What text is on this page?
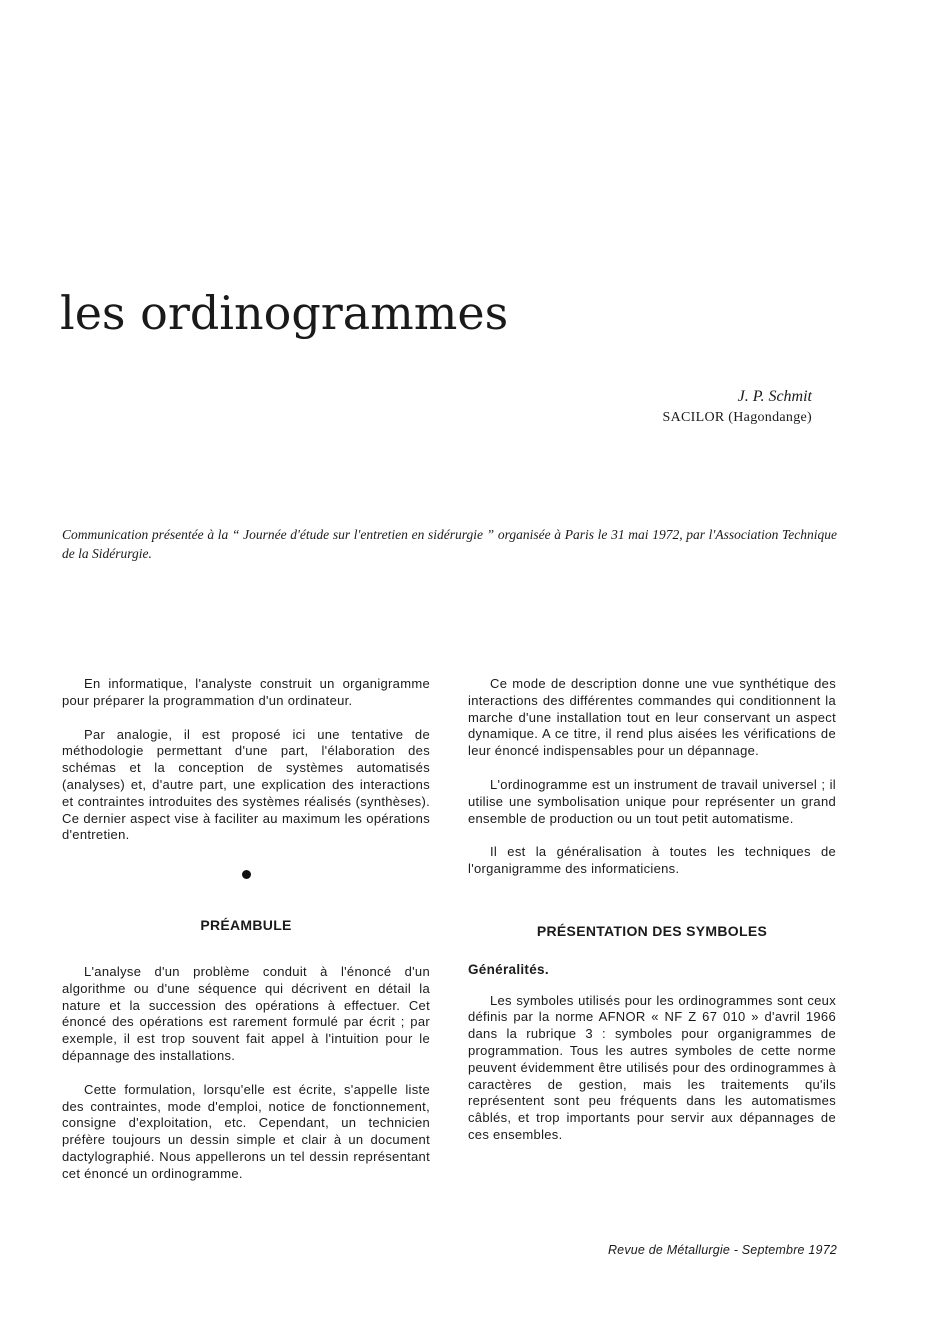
les ordinogrammes
J. P. Schmit
SACILOR (Hagondange)

Communication présentée à la “ Journée d'étude sur l'entretien en sidérurgie ” organisée à Paris le 31 mai 1972, par l'Association Technique de la Sidérurgie.

En informatique, l'analyste construit un organigramme pour préparer la programmation d'un ordinateur.

Par analogie, il est proposé ici une tentative de méthodologie permettant d'une part, l'élaboration des schémas et la conception de systèmes automatisés (analyses) et, d'autre part, une explication des interactions et contraintes introduites des systèmes réalisés (synthèses). Ce dernier aspect vise à faciliter au maximum les opérations d'entretien.

PRÉAMBULE

L'analyse d'un problème conduit à l'énoncé d'un algorithme ou d'une séquence qui décrivent en détail la nature et la succession des opérations à effectuer. Cet énoncé des opérations est rarement formulé par écrit ; par exemple, il est trop souvent fait appel à l'intuition pour le dépannage des installations.

Cette formulation, lorsqu'elle est écrite, s'appelle liste des contraintes, mode d'emploi, notice de fonctionnement, consigne d'exploitation, etc. Cependant, un technicien préfère toujours un dessin simple et clair à un document dactylographié. Nous appellerons un tel dessin représentant cet énoncé un ordinogramme.

Ce mode de description donne une vue synthétique des interactions des différentes commandes qui conditionnent la marche d'une installation tout en leur conservant un aspect dynamique. A ce titre, il rend plus aisées les vérifications de leur énoncé indispensables pour un dépannage.

L'ordinogramme est un instrument de travail universel ; il utilise une symbolisation unique pour représenter un grand ensemble de production ou un tout petit automatisme.

Il est la généralisation à toutes les techniques de l'organigramme des informaticiens.

PRÉSENTATION DES SYMBOLES
Généralités.

Les symboles utilisés pour les ordinogrammes sont ceux définis par la norme AFNOR « NF Z 67 010 » d'avril 1966 dans la rubrique 3 : symboles pour organigrammes de programmation. Tous les autres symboles de cette norme peuvent évidemment être utilisés pour des ordinogrammes à caractères de gestion, mais les traitements qu'ils représentent sont peu fréquents dans les automatismes câblés, et trop importants pour servir aux dépannages de ces ensembles.

Revue de Métallurgie - Septembre 1972
